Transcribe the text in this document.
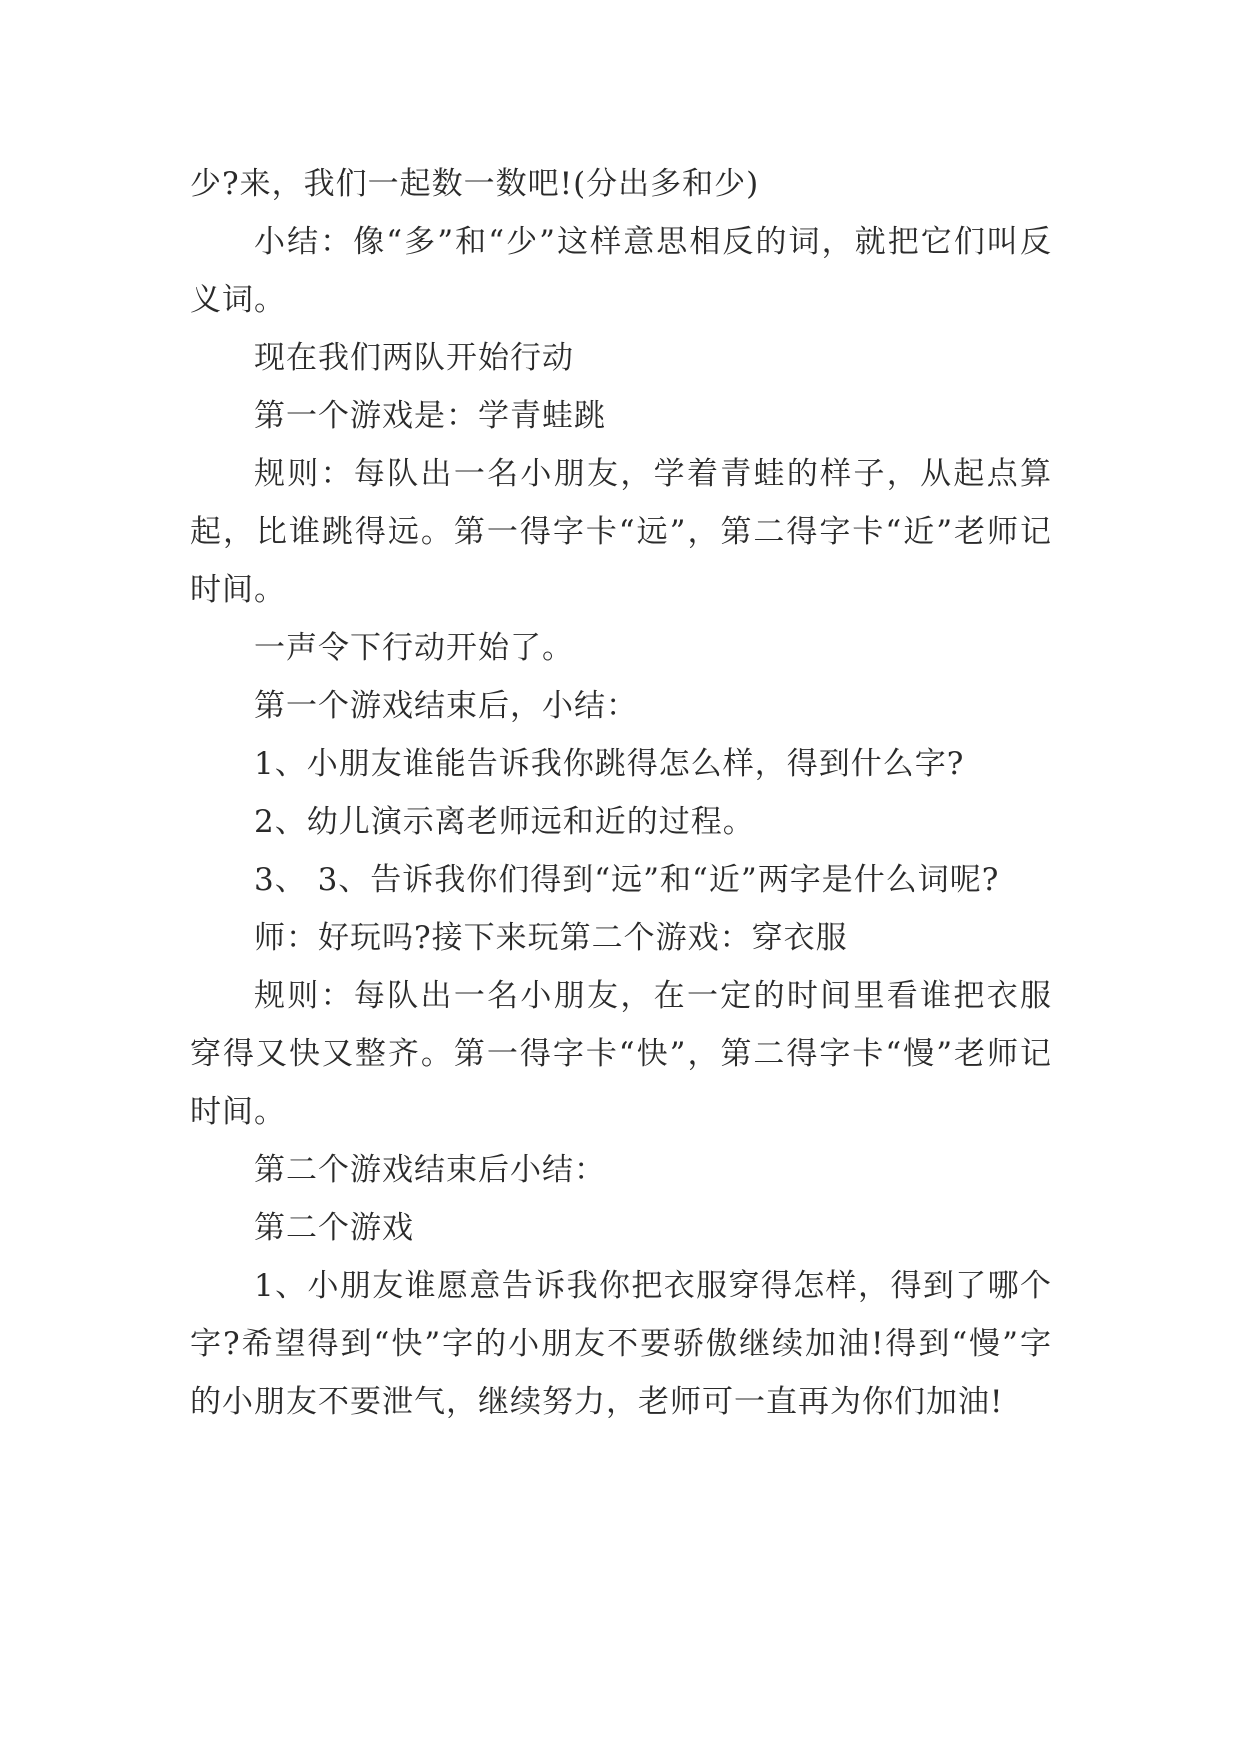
少?来，我们一起数一数吧!(分出多和少)

小结：像“多”和“少”这样意思相反的词，就把它们叫反义词。

现在我们两队开始行动

第一个游戏是：学青蛙跳

规则：每队出一名小朋友，学着青蛙的样子，从起点算起，比谁跳得远。第一得字卡“远”，第二得字卡“近”老师记时间。

一声令下行动开始了。

第一个游戏结束后，小结：

1、小朋友谁能告诉我你跳得怎么样，得到什么字?

2、幼儿演示离老师远和近的过程。

3、 3、告诉我你们得到“远”和“近”两字是什么词呢?

师：好玩吗?接下来玩第二个游戏：穿衣服

规则：每队出一名小朋友，在一定的时间里看谁把衣服穿得又快又整齐。第一得字卡“快”，第二得字卡“慢”老师记时间。

第二个游戏结束后小结：

第二个游戏

1、小朋友谁愿意告诉我你把衣服穿得怎样，得到了哪个字?希望得到“快”字的小朋友不要骄傲继续加油!得到“慢”字的小朋友不要泄气，继续努力，老师可一直再为你们加油!
